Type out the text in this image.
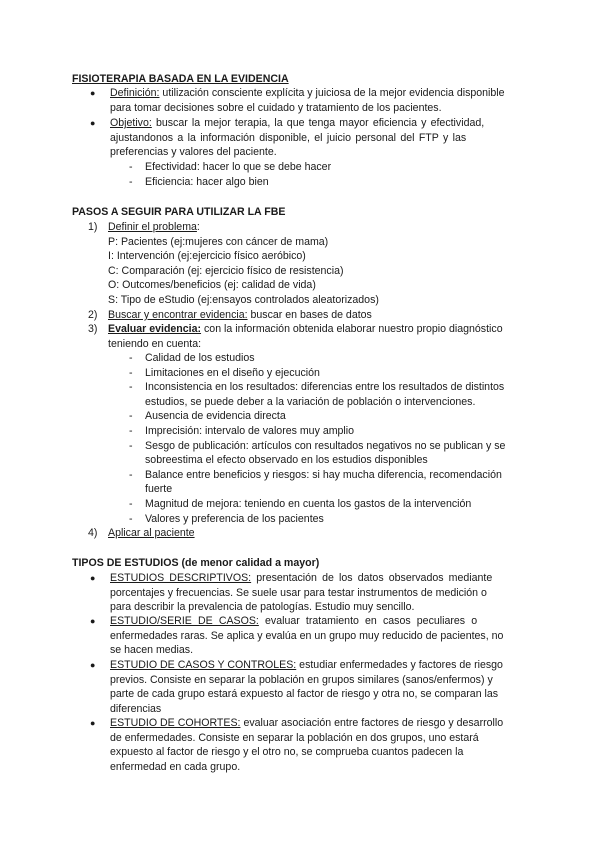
FISIOTERAPIA BASADA EN LA EVIDENCIA
● Definición: utilización consciente explícita y juiciosa de la mejor evidencia disponible
para tomar decisiones sobre el cuidado y tratamiento de los pacientes.
● Objetivo: buscar la mejor terapia, la que tenga mayor eficiencia y efectividad,
ajustandonos a la información disponible, el juicio personal del FTP y las
preferencias y valores del paciente.
- Efectividad: hacer lo que se debe hacer
- Eficiencia: hacer algo bien
PASOS A SEGUIR PARA UTILIZAR LA FBE
1) Definir el problema:
P: Pacientes (ej:mujeres con cáncer de mama)
I: Intervención (ej:ejercicio físico aeróbico)
C: Comparación (ej: ejercicio físico de resistencia)
O: Outcomes/beneficios (ej: calidad de vida)
S: Tipo de eStudio (ej:ensayos controlados aleatorizados)
2) Buscar y encontrar evidencia: buscar en bases de datos
3) Evaluar evidencia: con la información obtenida elaborar nuestro propio diagnóstico
teniendo en cuenta:
- Calidad de los estudios
- Limitaciones en el diseño y ejecución
- Inconsistencia en los resultados: diferencias entre los resultados de distintos
estudios, se puede deber a la variación de población o intervenciones.
- Ausencia de evidencia directa
- Imprecisión: intervalo de valores muy amplio
- Sesgo de publicación: artículos con resultados negativos no se publican y se
sobreestima el efecto observado en los estudios disponibles
- Balance entre beneficios y riesgos: si hay mucha diferencia, recomendación
fuerte
- Magnitud de mejora: teniendo en cuenta los gastos de la intervención
- Valores y preferencia de los pacientes
4) Aplicar al paciente
TIPOS DE ESTUDIOS (de menor calidad a mayor)
● ESTUDIOS DESCRIPTIVOS: presentación de los datos observados mediante
porcentajes y frecuencias. Se suele usar para testar instrumentos de medición o
para describir la prevalencia de patologías. Estudio muy sencillo.
● ESTUDIO/SERIE DE CASOS: evaluar tratamiento en casos peculiares o
enfermedades raras. Se aplica y evalúa en un grupo muy reducido de pacientes, no
se hacen medias.
● ESTUDIO DE CASOS Y CONTROLES: estudiar enfermedades y factores de riesgo
previos. Consiste en separar la población en grupos similares (sanos/enfermos) y
parte de cada grupo estará expuesto al factor de riesgo y otra no, se comparan las
diferencias
● ESTUDIO DE COHORTES: evaluar asociación entre factores de riesgo y desarrollo
de enfermedades. Consiste en separar la población en dos grupos, uno estará
expuesto al factor de riesgo y el otro no, se comprueba cuantos padecen la
enfermedad en cada grupo.
